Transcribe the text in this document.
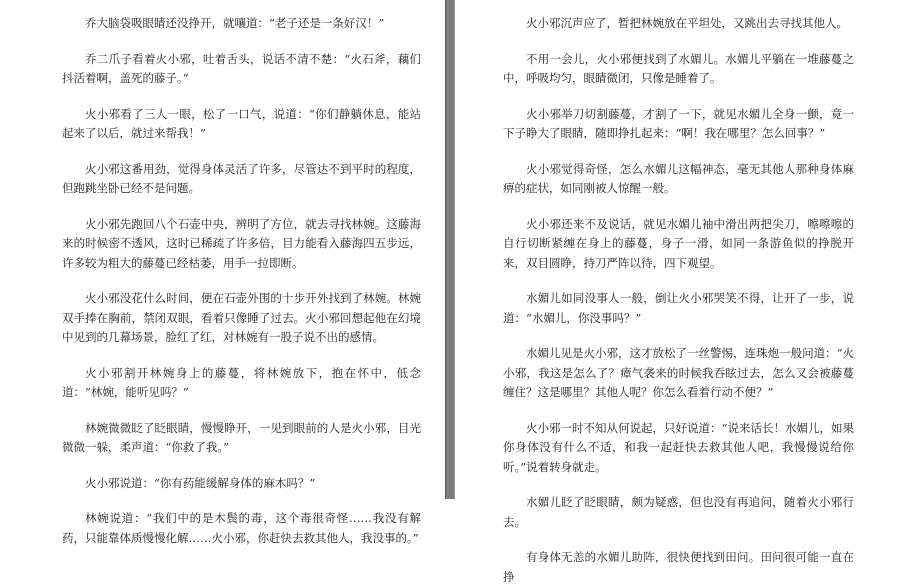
乔大脑袋吸眼睛还没挣开，就嚷道：“老子还是一条好汉！”

乔二爪子看着火小邪，吐着舌头，说话不清不楚：“火石斧，藕们抖活着啊，盖死的藤子。”

火小邪看了三人一眼，松了一口气，说道：“你们静躺休息，能站起来了以后，就过来帮我！”

火小邪这番用劲，觉得身体灵活了许多，尽管达不到平时的程度，但跑跳坐卧已经不是问题。

火小邪先跑回八个石壶中央，辨明了方位，就去寻找林婉。这藤海来的时候密不透风，这时已稀疏了许多倍，目力能看入藤海四五步远，许多较为粗大的藤蔓已经枯萎，用手一拉即断。

火小邪没花什么时间，便在石壶外围的十步开外找到了林婉。林婉双手捧在胸前，禁闭双眼，看着只像睡了过去。火小邪回想起他在幻境中见到的几幕场景，脸红了红，对林婉有一股子说不出的感情。

火小邪割开林婉身上的藤蔓，将林婉放下，抱在怀中，低念道：“林婉，能听见吗？”

林婉微微眨了眨眼睛，慢慢睁开，一见到眼前的人是火小邪，目光微微一躲，柔声道：“你救了我。”

火小邪说道：“你有药能缓解身体的麻木吗？”

林婉说道：“我们中的是木鬓的毒，这个毒很奇怪……我没有解药，只能靠体质慢慢化解……火小邪，你赶快去救其他人，我没事的。”

火小邪沉声应了，暂把林婉放在平坦处，又跳出去寻找其他人。

不用一会儿，火小邪便找到了水媚儿。水媚儿平躺在一堆藤蔓之中，呼吸均匀，眼睛微闭，只像是睡着了。

火小邪举刀切割藤蔓，才割了一下，就见水媚儿全身一颤，竟一下子睁大了眼睛，随即挣扎起来：“啊！我在哪里？怎么回事？”

火小邪觉得奇怪，怎么水媚儿这幅神态，毫无其他人那种身体麻痹的症状，如同刚被人惊醒一般。

火小邪还来不及说话，就见水媚儿袖中滑出两把尖刀，嚓嚓嚓的自行切断紧缠在身上的藤蔓，身子一滑，如同一条游鱼似的挣脱开来，双目圆睁，持刀严阵以待，四下观望。

水媚儿如同没事人一般，倒让火小邪哭笑不得，让开了一步，说道：“水媚儿，你没事吗？”

水媚儿见是火小邪，这才放松了一丝警惕，连珠炮一般问道：“火小邪，我这是怎么了？瘴气袭来的时候我吞眩过去，怎么又会被藤蔓缠住？这是哪里？其他人呢？你怎么看着行动不便？”

火小邪一时不知从何说起，只好说道：“说来话长！水媚儿，如果你身体没有什么不适，和我一起赶快去救其他人吧，我慢慢说给你听。”说着转身就走。

水媚儿眨了眨眼睛，颇为疑惑，但也没有再追问，随着火小邪行去。

有身体无恙的水媚儿助阵，很快便找到田问。田问很可能一直在挣
